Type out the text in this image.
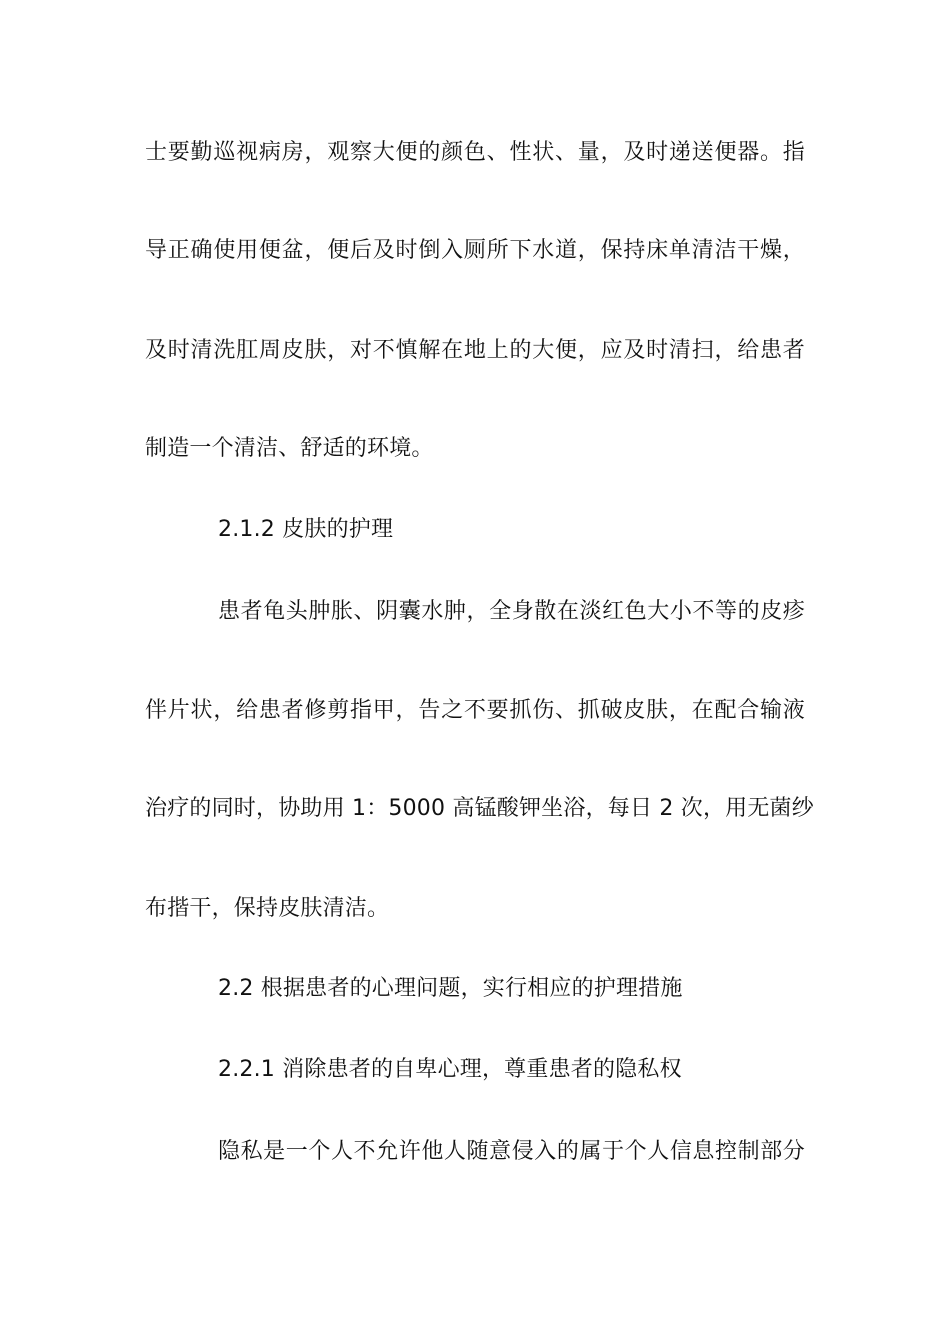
士要勤巡视病房，观察大便的颜色、性状、量，及时递送便器。指
导正确使用便盆，便后及时倒入厕所下水道，保持床单清洁干燥，
及时清洗肛周皮肤，对不慎解在地上的大便，应及时清扫，给患者
制造一个清洁、舒适的环境。
2.1.2 皮肤的护理
患者龟头肿胀、阴囊水肿，全身散在淡红色大小不等的皮疹
伴片状，给患者修剪指甲，告之不要抓伤、抓破皮肤，在配合输液
治疗的同时，协助用 1：5000 高锰酸钾坐浴，每日 2 次，用无菌纱
布揩干，保持皮肤清洁。
2.2 根据患者的心理问题，实行相应的护理措施
2.2.1 消除患者的自卑心理，尊重患者的隐私权
隐私是一个人不允许他人随意侵入的属于个人信息控制部分
